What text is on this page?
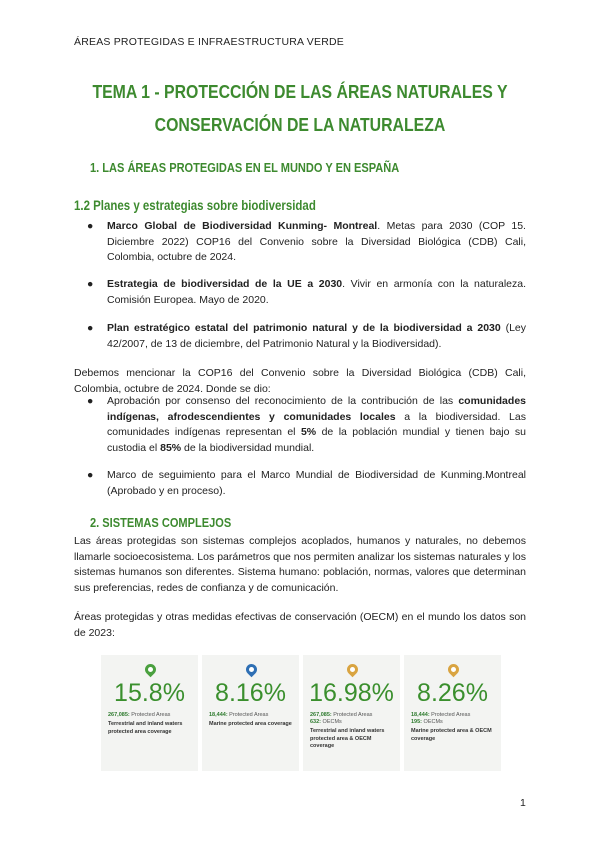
ÁREAS PROTEGIDAS E INFRAESTRUCTURA VERDE
TEMA 1 - PROTECCIÓN DE LAS ÁREAS NATURALES Y
CONSERVACIÓN DE LA NATURALEZA
1. LAS ÁREAS PROTEGIDAS EN EL MUNDO Y EN ESPAÑA
1.2 Planes y estrategias sobre biodiversidad
● Marco Global de Biodiversidad Kunming- Montreal. Metas para 2030 (COP 15. Diciembre 2022) COP16 del Convenio sobre la Diversidad Biológica (CDB) Cali, Colombia, octubre de 2024.
● Estrategia de biodiversidad de la UE a 2030. Vivir en armonía con la naturaleza. Comisión Europea. Mayo de 2020.
● Plan estratégico estatal del patrimonio natural y de la biodiversidad a 2030 (Ley 42/2007, de 13 de diciembre, del Patrimonio Natural y la Biodiversidad).
Debemos mencionar la COP16 del Convenio sobre la Diversidad Biológica (CDB) Cali, Colombia, octubre de 2024. Donde se dio:
● Aprobación por consenso del reconocimiento de la contribución de las comunidades indígenas, afrodescendientes y comunidades locales a la biodiversidad. Las comunidades indígenas representan el 5% de la población mundial y tienen bajo su custodia el 85% de la biodiversidad mundial.
● Marco de seguimiento para el Marco Mundial de Biodiversidad de Kunming.Montreal (Aprobado y en proceso).
2. SISTEMAS COMPLEJOS
Las áreas protegidas son sistemas complejos acoplados, humanos y naturales, no debemos llamarle socioecosistema. Los parámetros que nos permiten analizar los sistemas naturales y los sistemas humanos son diferentes. Sistema humano: población, normas, valores que determinan sus preferencias, redes de confianza y de comunicación.
Áreas protegidas y otras medidas efectivas de conservación (OECM) en el mundo los datos son de 2023:
15.8%
267,085: Protected Areas
Terrestrial and inland waters protected area coverage
8.16%
18,444: Protected Areas
Marine protected area coverage
16.98%
267,085: Protected Areas
632: OECMs
Terrestrial and inland waters protected area & OECM coverage
8.26%
18,444: Protected Areas
195: OECMs
Marine protected area & OECM coverage
1
